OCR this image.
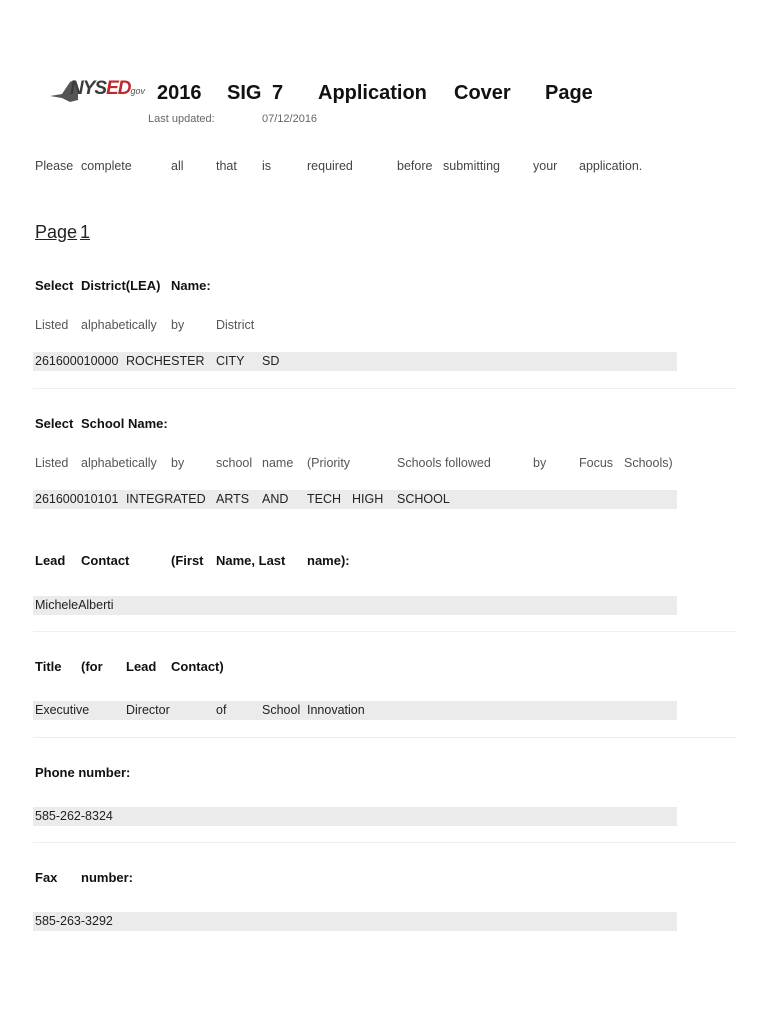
NYSEDgov 2016 SIG 7 Application Cover Page
Last updated:	07/12/2016
Please complete	all	that is	required	before submitting	your application.
Page 1
Select District(LEA) Name:
Listed alphabetically by	District
261600010000 ROCHESTER CITY SD
Select School Name:
Listed alphabetically by	school name (Priority	Schools followed	by	Focus Schools)
261600010101 INTEGRATED ARTS AND TECH HIGH SCHOOL
Lead Contact	(First Name, Last name):
MicheleAlberti
Title (for Lead Contact)
Executive	Director	of	School Innovation
Phone number:
585-262-8324
Fax number:
585-263-3292
